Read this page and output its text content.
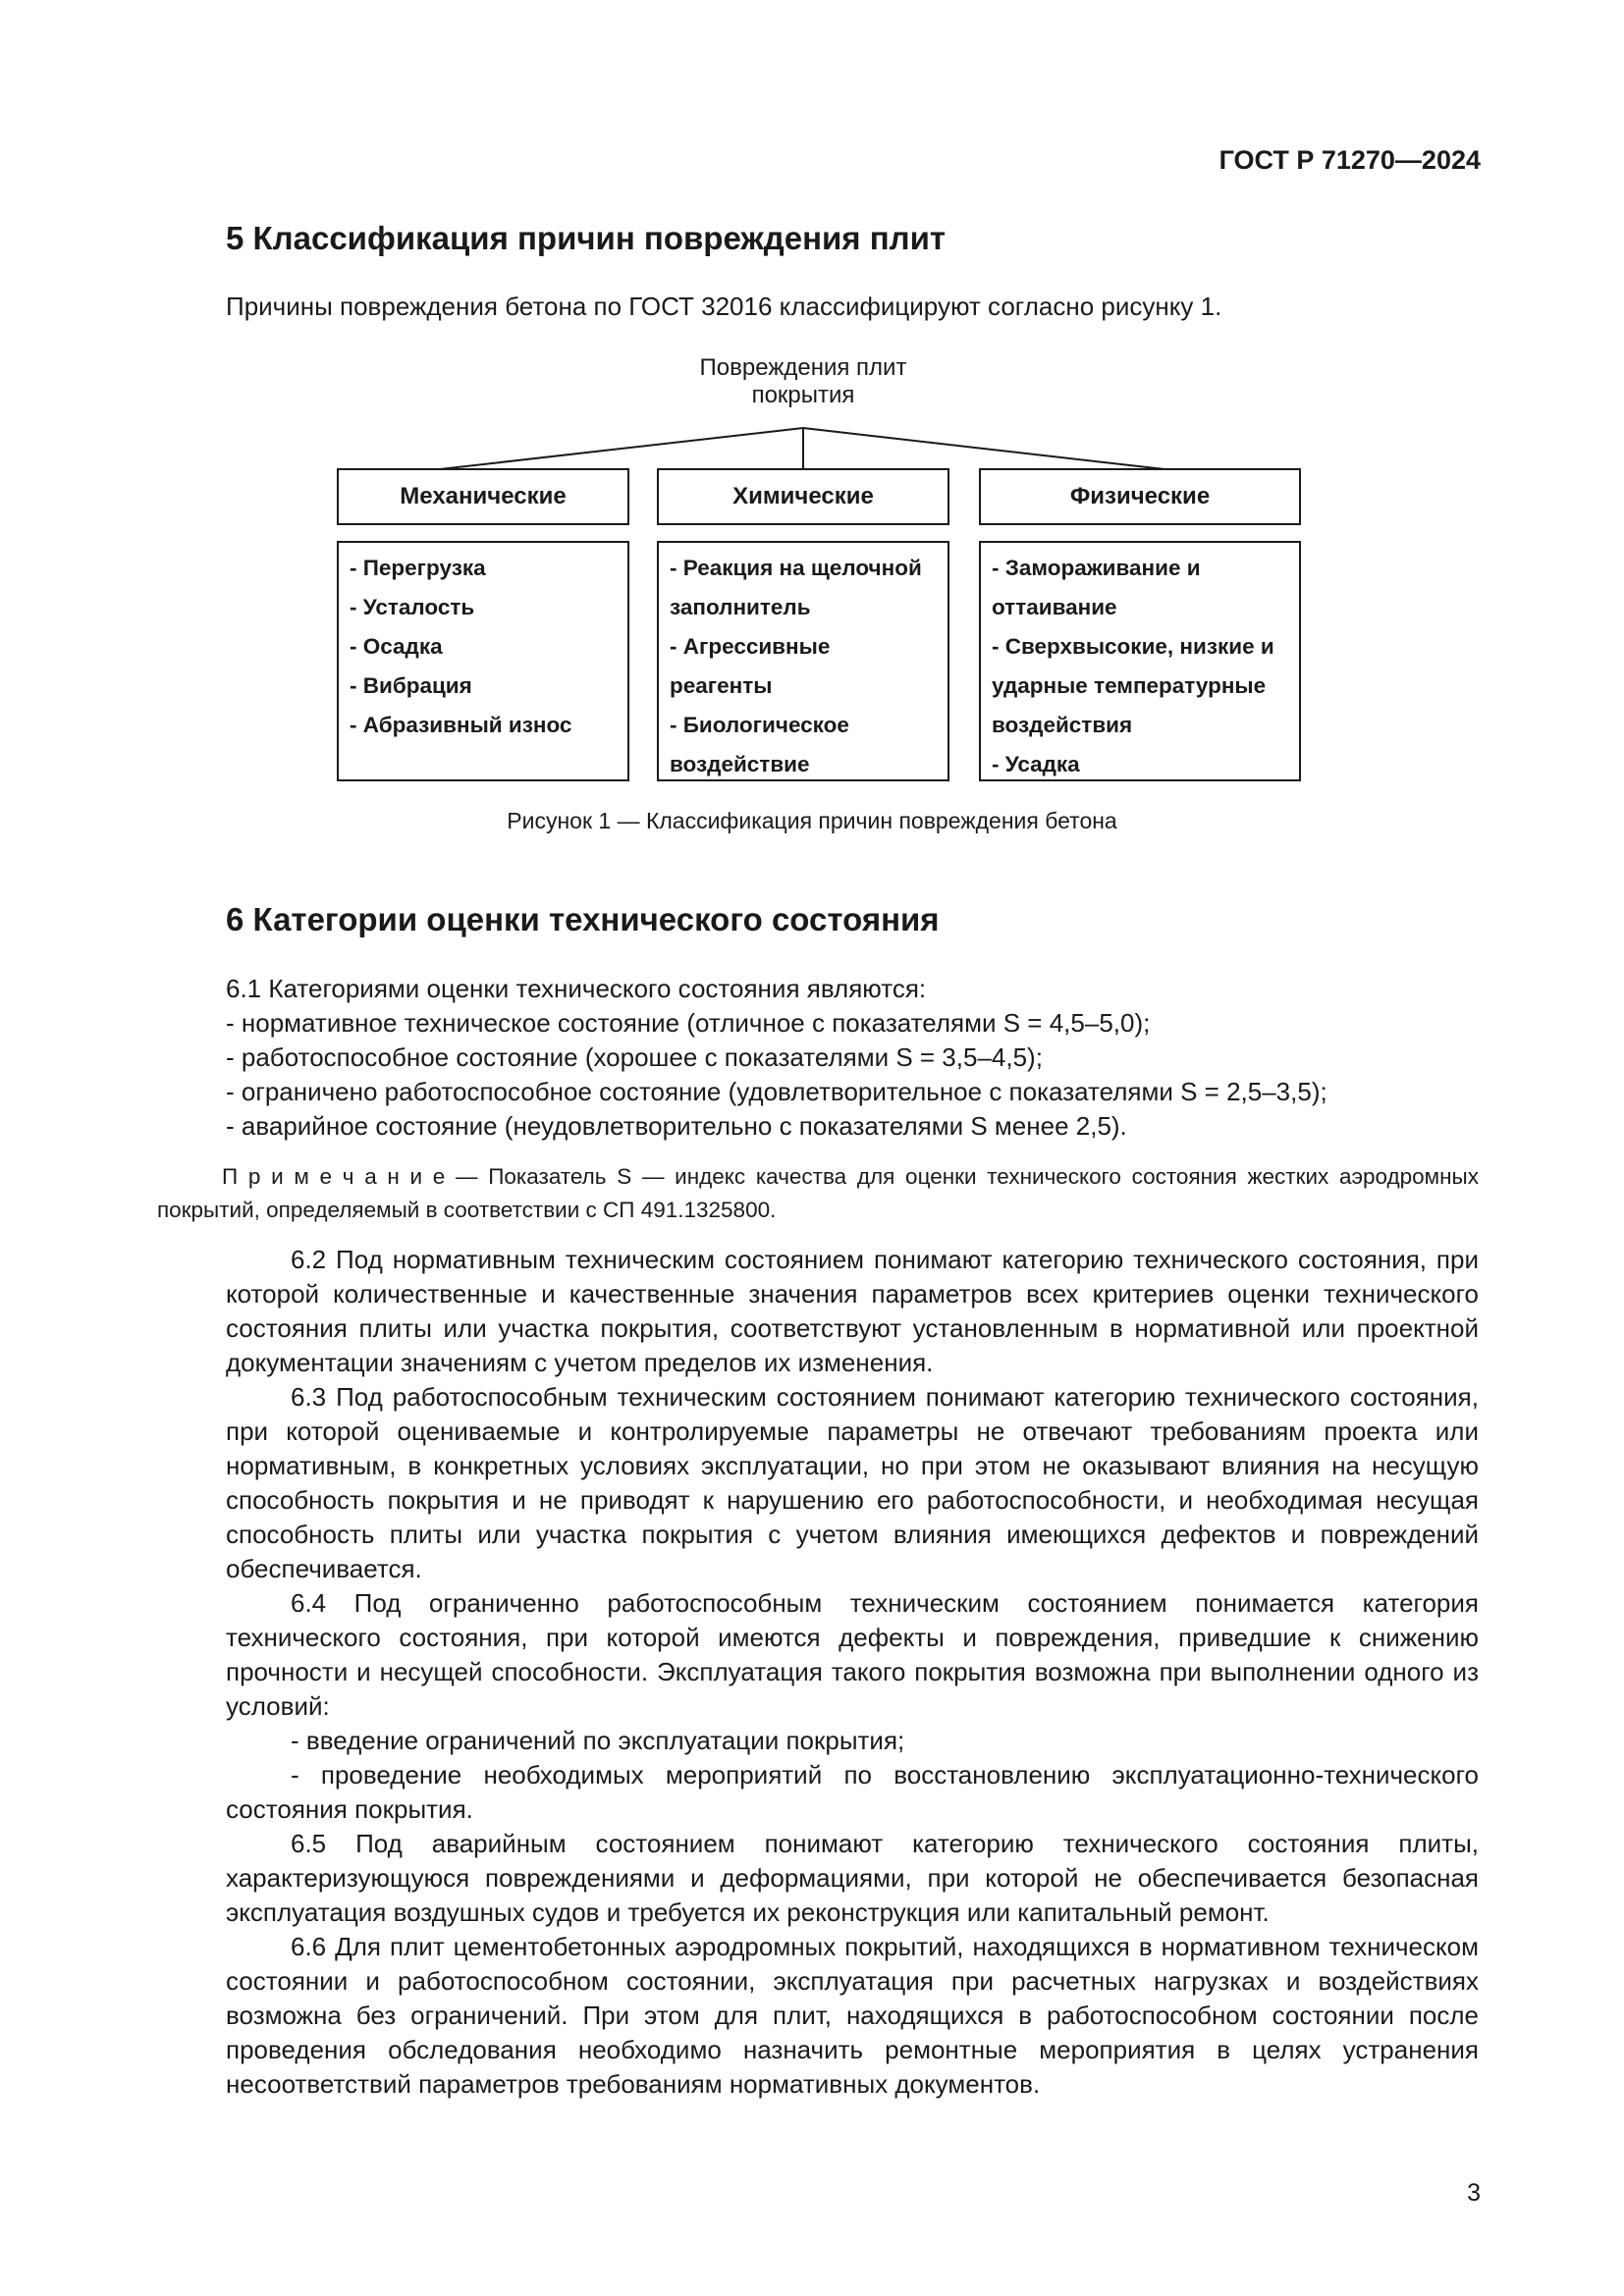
ГОСТ Р 71270—2024
5 Классификация причин повреждения плит
Причины повреждения бетона по ГОСТ 32016 классифицируют согласно рисунку 1.
Повреждения плит
покрытия
Механические	Химические	Физические
- Перегрузка
- Усталость
- Осадка
- Вибрация
- Абразивный износ
- Реакция на щелочной
заполнитель
- Агрессивные реагенты
- Биологическое
воздействие
- Замораживание и
оттаивание
- Сверхвысокие, низкие и
ударные температурные
воздействия
- Усадка
Рисунок 1 — Классификация причин повреждения бетона
6 Категории оценки технического состояния
6.1 Категориями оценки технического состояния являются:
- нормативное техническое состояние (отличное с показателями S = 4,5–5,0);
- работоспособное состояние (хорошее с показателями S = 3,5–4,5);
- ограничено работоспособное состояние (удовлетворительное с показателями S = 2,5–3,5);
- аварийное состояние (неудовлетворительно с показателями S менее 2,5).
П р и м е ч а н и е — Показатель S — индекс качества для оценки технического состояния жестких аэродромных покрытий, определяемый в соответствии с СП 491.1325800.

6.2 Под нормативным техническим состоянием понимают категорию технического состояния, при которой количественные и качественные значения параметров всех критериев оценки технического состояния плиты или участка покрытия, соответствуют установленным в нормативной или проектной документации значениям с учетом пределов их изменения.

6.3 Под работоспособным техническим состоянием понимают категорию технического состояния, при которой оцениваемые и контролируемые параметры не отвечают требованиям проекта или нормативным, в конкретных условиях эксплуатации, но при этом не оказывают влияния на несущую способность покрытия и не приводят к нарушению его работоспособности, и необходимая несущая способность плиты или участка покрытия с учетом влияния имеющихся дефектов и повреждений обеспечивается.

6.4 Под ограниченно работоспособным техническим состоянием понимается категория технического состояния, при которой имеются дефекты и повреждения, приведшие к снижению прочности и несущей способности. Эксплуатация такого покрытия возможна при выполнении одного из условий:

- введение ограничений по эксплуатации покрытия;

- проведение необходимых мероприятий по восстановлению эксплуатационно-технического состояния покрытия.

6.5 Под аварийным состоянием понимают категорию технического состояния плиты, характеризующуюся повреждениями и деформациями, при которой не обеспечивается безопасная эксплуатация воздушных судов и требуется их реконструкция или капитальный ремонт.

6.6 Для плит цементобетонных аэродромных покрытий, находящихся в нормативном техническом состоянии и работоспособном состоянии, эксплуатация при расчетных нагрузках и воздействиях возможна без ограничений. При этом для плит, находящихся в работоспособном состоянии после проведения обследования необходимо назначить ремонтные мероприятия в целях устранения несоответствий параметров требованиям нормативных документов.

3
